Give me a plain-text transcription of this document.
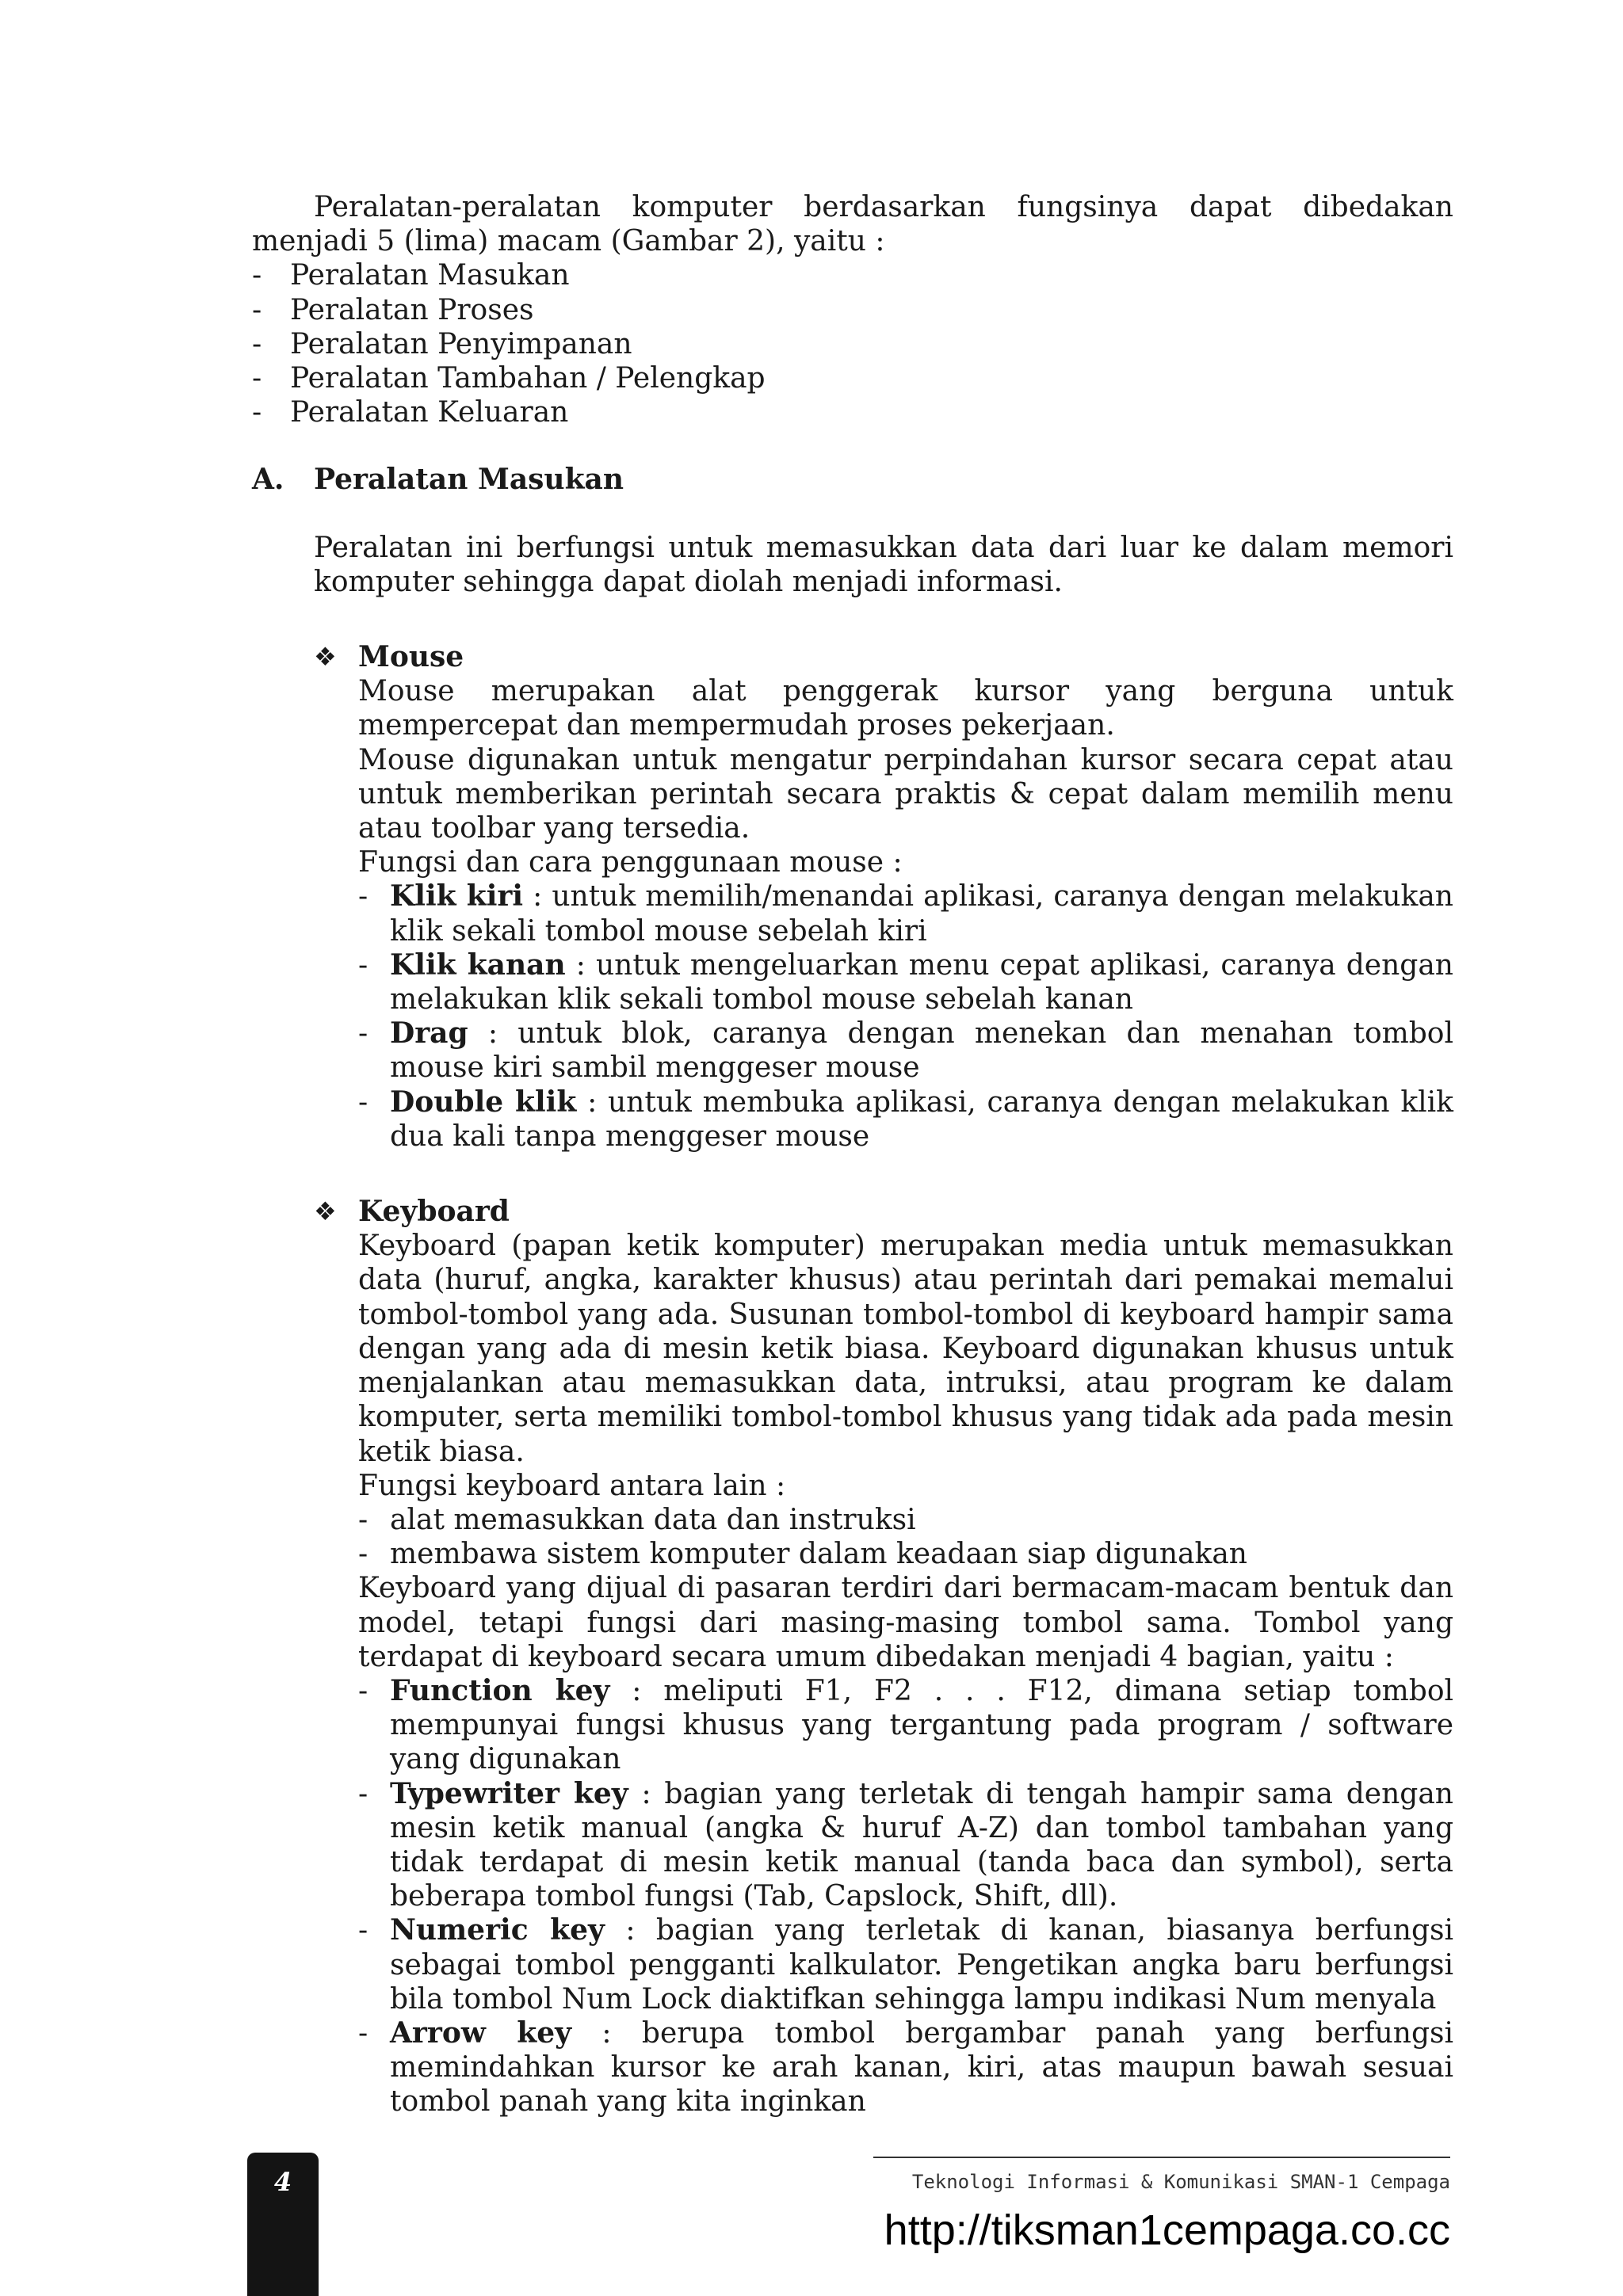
Peralatan-peralatan komputer berdasarkan fungsinya dapat dibedakan menjadi 5 (lima) macam (Gambar 2), yaitu :

- Peralatan Masukan
- Peralatan Proses
- Peralatan Penyimpanan
- Peralatan Tambahan / Pelengkap
- Peralatan Keluaran

A. Peralatan Masukan

Peralatan ini berfungsi untuk memasukkan data dari luar ke dalam memori komputer sehingga dapat diolah menjadi informasi.

❖ Mouse

Mouse merupakan alat penggerak kursor yang berguna untuk mempercepat dan mempermudah proses pekerjaan.

Mouse digunakan untuk mengatur perpindahan kursor secara cepat atau untuk memberikan perintah secara praktis & cepat dalam memilih menu atau toolbar yang tersedia.

Fungsi dan cara penggunaan mouse :

- Klik kiri : untuk memilih/menandai aplikasi, caranya dengan melakukan klik sekali tombol mouse sebelah kiri
- Klik kanan : untuk mengeluarkan menu cepat aplikasi, caranya dengan melakukan klik sekali tombol mouse sebelah kanan
- Drag : untuk blok, caranya dengan menekan dan menahan tombol mouse kiri sambil menggeser mouse
- Double klik : untuk membuka aplikasi, caranya dengan melakukan klik dua kali tanpa menggeser mouse

❖ Keyboard

Keyboard (papan ketik komputer) merupakan media untuk memasukkan data (huruf, angka, karakter khusus) atau perintah dari pemakai memalui tombol-tombol yang ada. Susunan tombol-tombol di keyboard hampir sama dengan yang ada di mesin ketik biasa. Keyboard digunakan khusus untuk menjalankan atau memasukkan data, intruksi, atau program ke dalam komputer, serta memiliki tombol-tombol khusus yang tidak ada pada mesin ketik biasa.

Fungsi keyboard antara lain :

- alat memasukkan data dan instruksi
- membawa sistem komputer dalam keadaan siap digunakan

Keyboard yang dijual di pasaran terdiri dari bermacam-macam bentuk dan model, tetapi fungsi dari masing-masing tombol sama. Tombol yang terdapat di keyboard secara umum dibedakan menjadi 4 bagian, yaitu :

- Function key : meliputi F1, F2 . . . F12, dimana setiap tombol mempunyai fungsi khusus yang tergantung pada program / software yang digunakan
- Typewriter key : bagian yang terletak di tengah hampir sama dengan mesin ketik manual (angka & huruf A-Z) dan tombol tambahan yang tidak terdapat di mesin ketik manual (tanda baca dan symbol), serta beberapa tombol fungsi (Tab, Capslock, Shift, dll).
- Numeric key : bagian yang terletak di kanan, biasanya berfungsi sebagai tombol pengganti kalkulator. Pengetikan angka baru berfungsi bila tombol Num Lock diaktifkan sehingga lampu indikasi Num menyala
- Arrow key : berupa tombol bergambar panah yang berfungsi memindahkan kursor ke arah kanan, kiri, atas maupun bawah sesuai tombol panah yang kita inginkan
4	Teknologi Informasi & Komunikasi SMAN-1 Cempaga
http://tiksman1cempaga.co.cc
